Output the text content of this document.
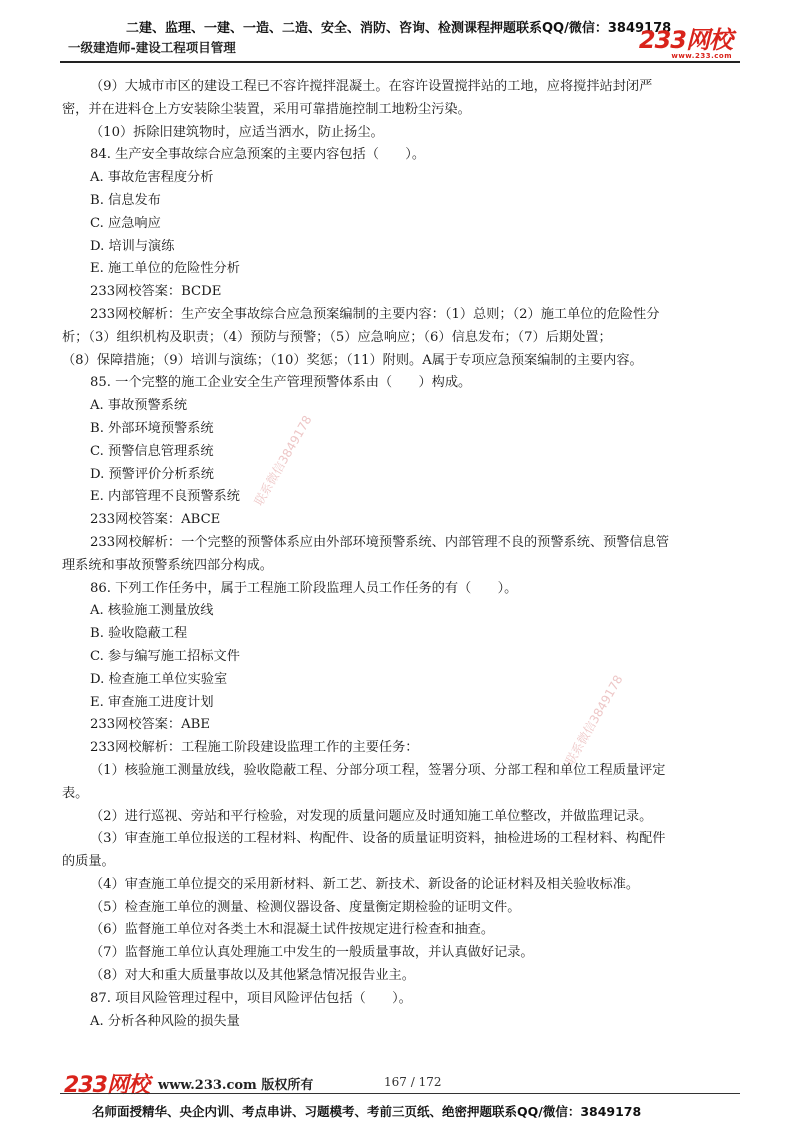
二建、监理、一建、一造、二造、安全、消防、咨询、检测课程押题联系QQ/微信：3849178
一级建造师-建设工程项目管理	233网校
www.233.com

（9）大城市市区的建设工程已不容许搅拌混凝土。在容许设置搅拌站的工地，应将搅拌站封闭严

密，并在进料仓上方安装除尘装置，采用可靠措施控制工地粉尘污染。

（10）拆除旧建筑物时，应适当洒水，防止扬尘。

84. 生产安全事故综合应急预案的主要内容包括（　　）。

A. 事故危害程度分析

B. 信息发布

C. 应急响应

D. 培训与演练

E. 施工单位的危险性分析

233网校答案：BCDE

233网校解析：生产安全事故综合应急预案编制的主要内容：（1）总则；（2）施工单位的危险性分

析；（3）组织机构及职责；（4）预防与预警；（5）应急响应；（6）信息发布；（7）后期处置；

（8）保障措施；（9）培训与演练；（10）奖惩；（11）附则。A属于专项应急预案编制的主要内容。

85. 一个完整的施工企业安全生产管理预警体系由（　　）构成。

A. 事故预警系统

B. 外部环境预警系统

C. 预警信息管理系统

D. 预警评价分析系统

E. 内部管理不良预警系统

233网校答案：ABCE

233网校解析：一个完整的预警体系应由外部环境预警系统、内部管理不良的预警系统、预警信息管

理系统和事故预警系统四部分构成。

86. 下列工作任务中，属于工程施工阶段监理人员工作任务的有（　　）。

A. 核验施工测量放线

B. 验收隐蔽工程

C. 参与编写施工招标文件

D. 检查施工单位实验室

E. 审查施工进度计划

233网校答案：ABE

233网校解析：工程施工阶段建设监理工作的主要任务：

（1）核验施工测量放线，验收隐蔽工程、分部分项工程，签署分项、分部工程和单位工程质量评定

表。

（2）进行巡视、旁站和平行检验，对发现的质量问题应及时通知施工单位整改，并做监理记录。

（3）审查施工单位报送的工程材料、构配件、设备的质量证明资料，抽检进场的工程材料、构配件

的质量。

（4）审查施工单位提交的采用新材料、新工艺、新技术、新设备的论证材料及相关验收标准。

（5）检查施工单位的测量、检测仪器设备、度量衡定期检验的证明文件。

（6）监督施工单位对各类土木和混凝土试件按规定进行检查和抽查。

（7）监督施工单位认真处理施工中发生的一般质量事故，并认真做好记录。

（8）对大和重大质量事故以及其他紧急情况报告业主。

87. 项目风险管理过程中，项目风险评估包括（　　）。

A. 分析各种风险的损失量

联系微信3849178
一联系微信3849178
233网校 www.233.com 版权所有	167 / 172
名师面授精华、央企内训、考点串讲、习题模考、考前三页纸、绝密押题联系QQ/微信：3849178
